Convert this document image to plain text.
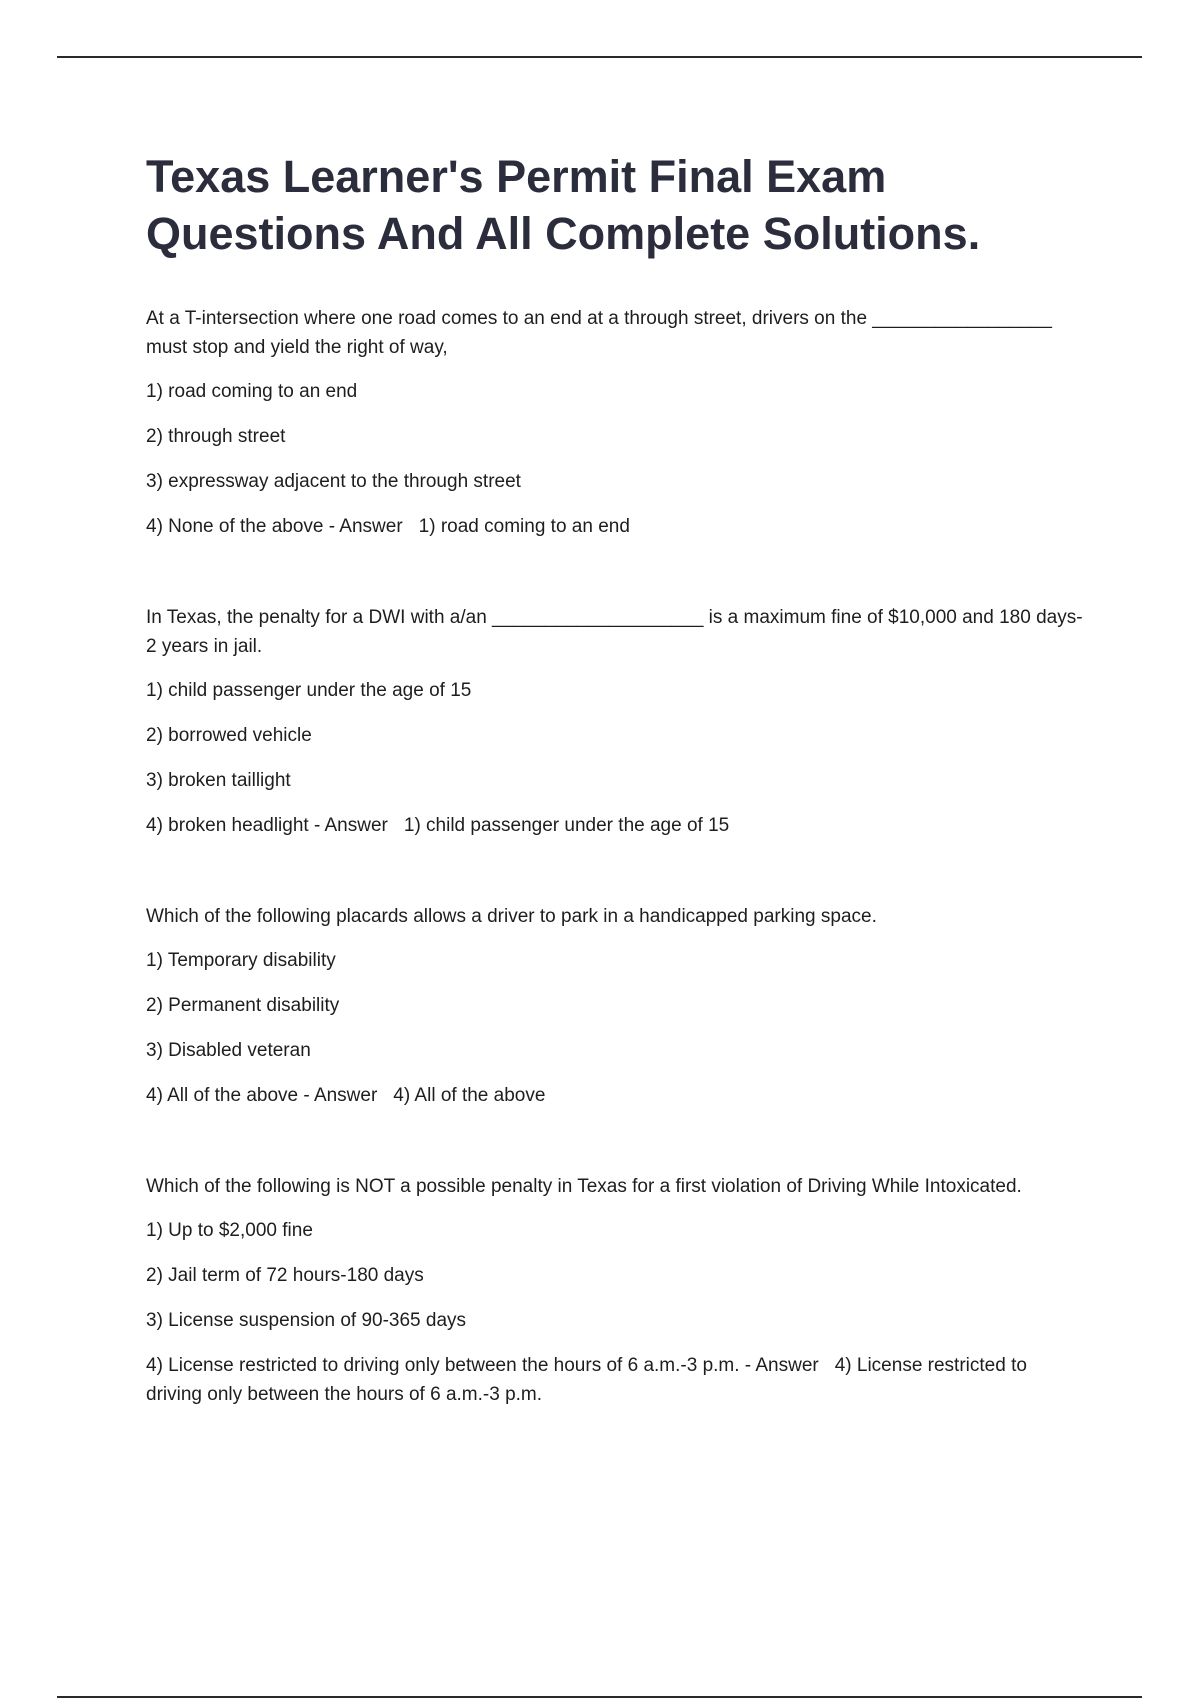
Texas Learner's Permit Final Exam Questions And All Complete Solutions.

At a T-intersection where one road comes to an end at a through street, drivers on the _________________ must stop and yield the right of way,

1) road coming to an end

2) through street

3) expressway adjacent to the through street

4) None of the above - Answer 1) road coming to an end

In Texas, the penalty for a DWI with a/an ____________________ is a maximum fine of $10,000 and 180 days-2 years in jail.

1) child passenger under the age of 15

2) borrowed vehicle

3) broken taillight

4) broken headlight - Answer 1) child passenger under the age of 15

Which of the following placards allows a driver to park in a handicapped parking space.

1) Temporary disability

2) Permanent disability

3) Disabled veteran

4) All of the above - Answer 4) All of the above

Which of the following is NOT a possible penalty in Texas for a first violation of Driving While Intoxicated.

1) Up to $2,000 fine

2) Jail term of 72 hours-180 days

3) License suspension of 90-365 days

4) License restricted to driving only between the hours of 6 a.m.-3 p.m. - Answer 4) License restricted to driving only between the hours of 6 a.m.-3 p.m.
